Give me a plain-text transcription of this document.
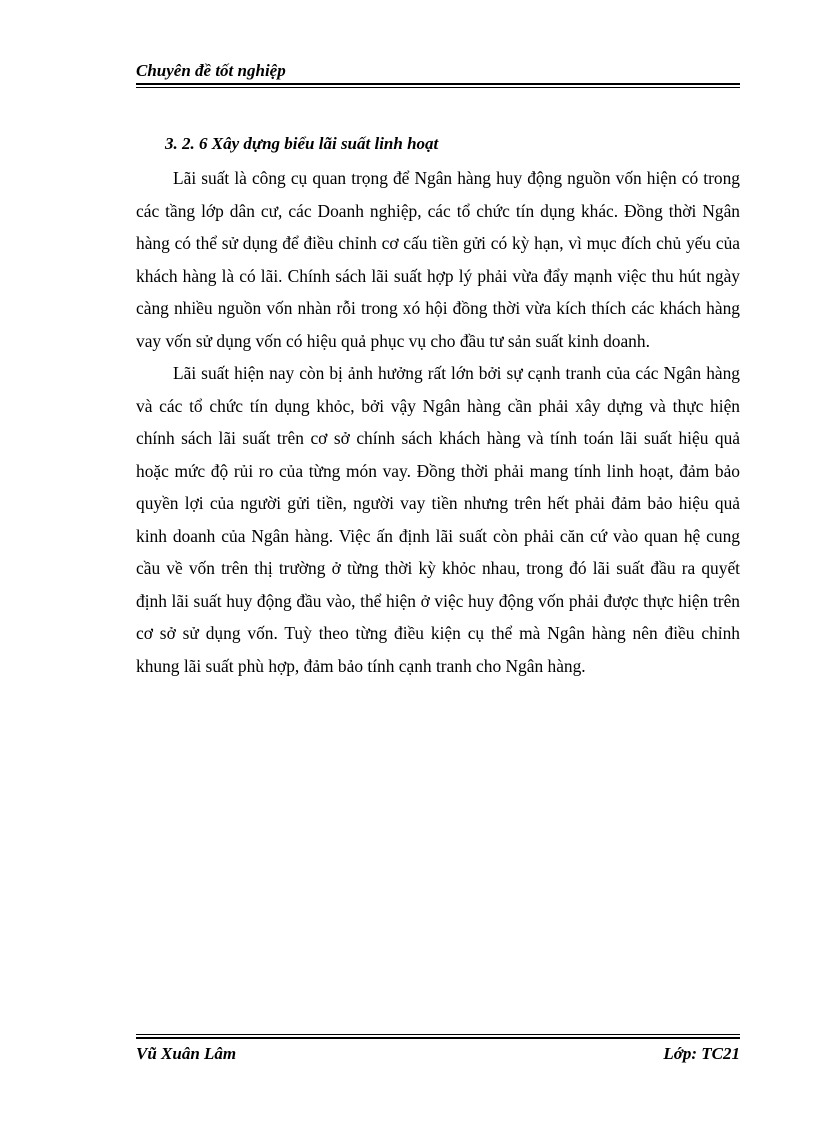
Chuyên đề tốt nghiệp
3. 2. 6 Xây dựng biểu lãi suất linh hoạt

Lãi suất là công cụ quan trọng để Ngân hàng huy động nguồn vốn hiện có trong các tầng lớp dân cư, các Doanh nghiệp, các tổ chức tín dụng khác. Đồng thời Ngân hàng có thể sử dụng để điều chỉnh cơ cấu tiền gửi có kỳ hạn, vì mục đích chủ yếu của khách hàng là có lãi. Chính sách lãi suất hợp lý phải vừa đẩy mạnh việc thu hút ngày càng nhiều nguồn vốn nhàn rỗi trong xó hội đồng thời vừa kích thích các khách hàng vay vốn sử dụng vốn có hiệu quả phục vụ cho đầu tư sản suất kinh doanh.

Lãi suất hiện nay còn bị ảnh hưởng rất lớn bởi sự cạnh tranh của các Ngân hàng và các tổ chức tín dụng khỏc, bởi vậy Ngân hàng cần phải xây dựng và thực hiện chính sách lãi suất trên cơ sở chính sách khách hàng và tính toán lãi suất hiệu quả hoặc mức độ rủi ro của từng món vay. Đồng thời phải mang tính linh hoạt, đảm bảo quyền lợi của người gửi tiền, người vay tiền nhưng trên hết phải đảm bảo hiệu quả kinh doanh của Ngân hàng. Việc ấn định lãi suất còn phải căn cứ vào quan hệ cung cầu về vốn trên thị trường ở từng thời kỳ khỏc nhau, trong đó lãi suất đầu ra quyết định lãi suất huy động đầu vào, thể hiện ở việc huy động vốn phải được thực hiện trên cơ sở sử dụng vốn. Tuỳ theo từng điều kiện cụ thể mà Ngân hàng nên điều chỉnh khung lãi suất phù hợp, đảm bảo tính cạnh tranh cho Ngân hàng.

Vũ Xuân Lâm	Lớp: TC21
